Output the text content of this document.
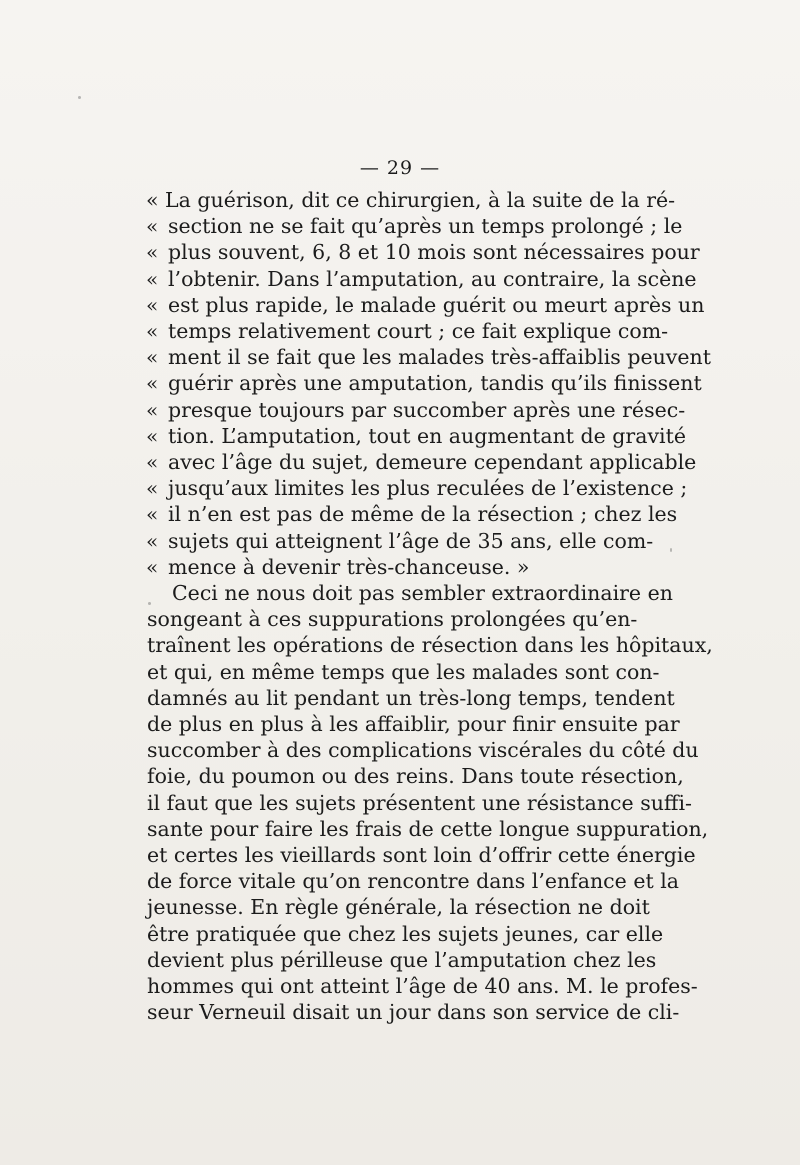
— 29 —
« La guérison, dit ce chirurgien, à la suite de la ré-
« section ne se fait qu’après un temps prolongé ; le
« plus souvent, 6, 8 et 10 mois sont nécessaires pour
« l’obtenir. Dans l’amputation, au contraire, la scène
« est plus rapide, le malade guérit ou meurt après un
« temps relativement court ; ce fait explique com-
« ment il se fait que les malades très-affaiblis peuvent
« guérir après une amputation, tandis qu’ils finissent
« presque toujours par succomber après une résec-
« tion. L’amputation, tout en augmentant de gravité
« avec l’âge du sujet, demeure cependant applicable
« jusqu’aux limites les plus reculées de l’existence ;
« il n’en est pas de même de la résection ; chez les
« sujets qui atteignent l’âge de 35 ans, elle com-
« mence à devenir très-chanceuse. »
Ceci ne nous doit pas sembler extraordinaire en
songeant à ces suppurations prolongées qu’en-
traînent les opérations de résection dans les hôpitaux,
et qui, en même temps que les malades sont con-
damnés au lit pendant un très-long temps, tendent
de plus en plus à les affaiblir, pour finir ensuite par
succomber à des complications viscérales du côté du
foie, du poumon ou des reins. Dans toute résection,
il faut que les sujets présentent une résistance suffi-
sante pour faire les frais de cette longue suppuration,
et certes les vieillards sont loin d’offrir cette énergie
de force vitale qu’on rencontre dans l’enfance et la
jeunesse. En règle générale, la résection ne doit
être pratiquée que chez les sujets jeunes, car elle
devient plus périlleuse que l’amputation chez les
hommes qui ont atteint l’âge de 40 ans. M. le profes-
seur Verneuil disait un jour dans son service de cli-
